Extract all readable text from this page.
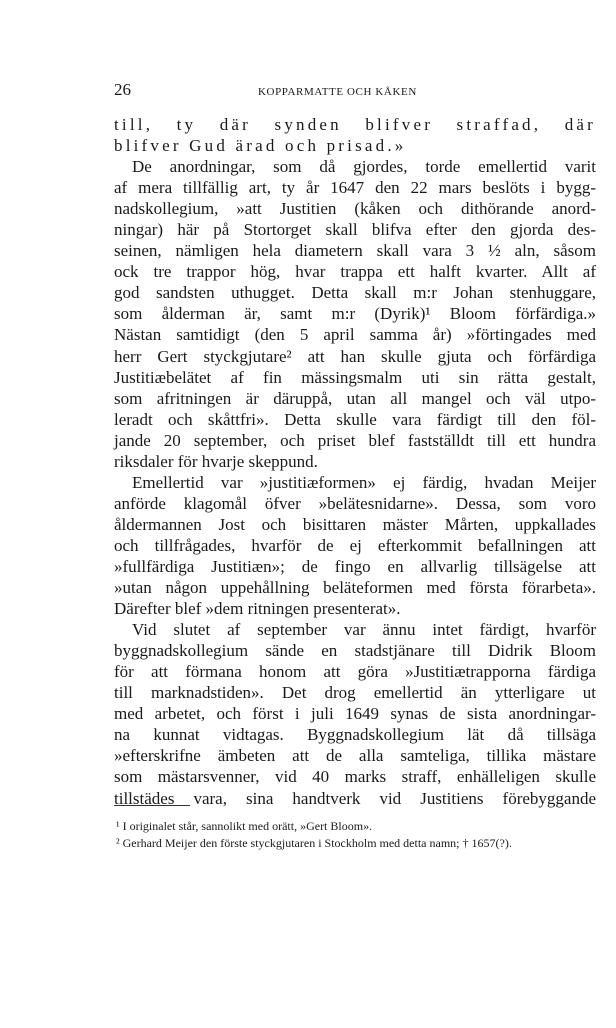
26	KOPPARMATTE OCH KÅKEN
till, ty där synden blifver straffad, där
blifver Gud ärad och prisad.»
De anordningar, som då gjordes, torde emellertid varit
af mera tillfällig art, ty år 1647 den 22 mars beslöts i bygg-
nadskollegium, »att Justitien (kåken och dithörande anord-
ningar) här på Stortorget skall blifva efter den gjorda des-
seinen, nämligen hela diametern skall vara 3 ½ aln, såsom
ock tre trappor hög, hvar trappa ett halft kvarter. Allt af
god sandsten uthugget. Detta skall m:r Johan stenhuggare,
som ålderman är, samt m:r (Dyrik)¹ Bloom förfärdiga.»
Nästan samtidigt (den 5 april samma år) »förtingades med
herr Gert styckgjutare² att han skulle gjuta och förfärdiga
Justitiæbelätet af fin mässingsmalm uti sin rätta gestalt,
som afritningen är däruppå, utan all mangel och väl utpo-
leradt och skåttfri». Detta skulle vara färdigt till den föl-
jande 20 september, och priset blef fastställdt till ett hundra
riksdaler för hvarje skeppund.
Emellertid var »justitiæformen» ej färdig, hvadan Meijer
anförde klagomål öfver »belätesnidarne». Dessa, som voro
åldermannen Jost och bisittaren mäster Mårten, uppkallades
och tillfrågades, hvarför de ej efterkommit befallningen att
»fullfärdiga Justitiæn»; de fingo en allvarlig tillsägelse att
»utan någon uppehållning beläteformen med första förarbeta».
Därefter blef »dem ritningen presenterat».
Vid slutet af september var ännu intet färdigt, hvarför
byggnadskollegium sände en stadstjänare till Didrik Bloom
för att förmana honom att göra »Justitiætrapporna färdiga
till marknadstiden». Det drog emellertid än ytterligare ut
med arbetet, och först i juli 1649 synas de sista anordningar-
na kunnat vidtagas. Byggnadskollegium lät då tillsäga
»efterskrifne ämbeten att de alla samteliga, tillika mästare
som mästarsvenner, vid 40 marks straff, enhälleligen skulle
tillstädes vara, sina handtverk vid Justitiens förebyggande
¹ I originalet står, sannolikt med orätt, »Gert Bloom».
² Gerhard Meijer den förste styckgjutaren i Stockholm med detta namn; † 1657(?).
